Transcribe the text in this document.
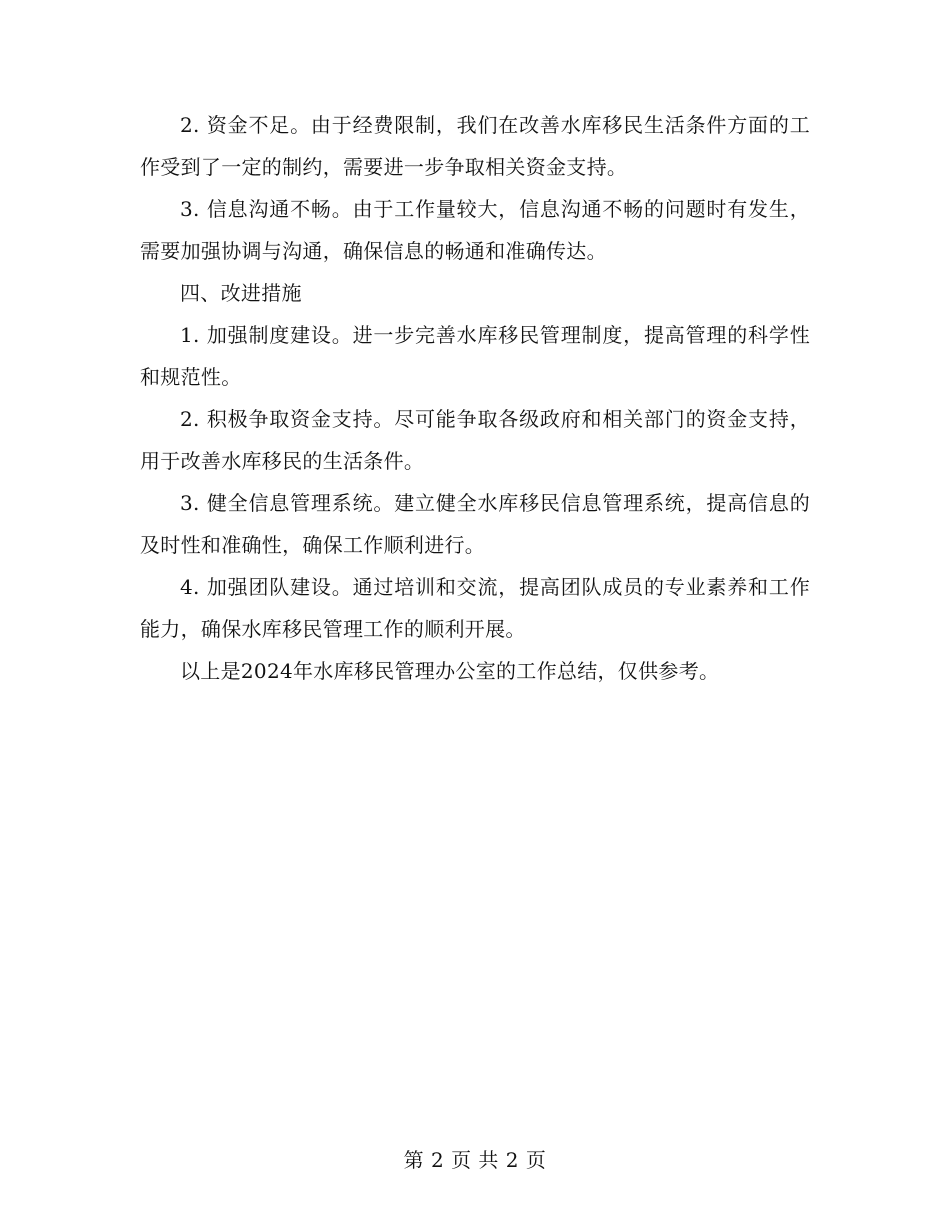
2. 资金不足。由于经费限制，我们在改善水库移民生活条件方面的工作受到了一定的制约，需要进一步争取相关资金支持。

3. 信息沟通不畅。由于工作量较大，信息沟通不畅的问题时有发生，需要加强协调与沟通，确保信息的畅通和准确传达。

四、改进措施

1. 加强制度建设。进一步完善水库移民管理制度，提高管理的科学性和规范性。

2. 积极争取资金支持。尽可能争取各级政府和相关部门的资金支持，用于改善水库移民的生活条件。

3. 健全信息管理系统。建立健全水库移民信息管理系统，提高信息的及时性和准确性，确保工作顺利进行。

4. 加强团队建设。通过培训和交流，提高团队成员的专业素养和工作能力，确保水库移民管理工作的顺利开展。

以上是2024年水库移民管理办公室的工作总结，仅供参考。

第 2 页 共 2 页
